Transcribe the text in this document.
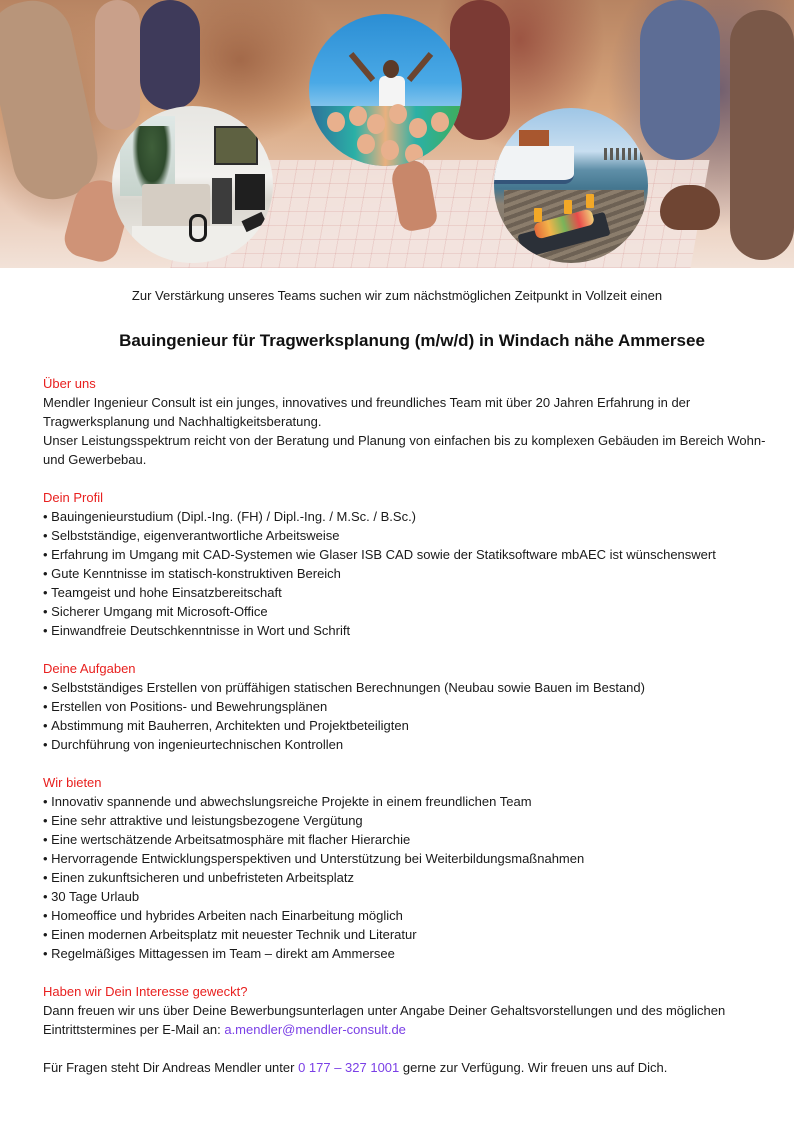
Zur Verstärkung unseres Teams suchen wir zum nächstmöglichen Zeitpunkt in Vollzeit einen
Bauingenieur für Tragwerksplanung (m/w/d) in Windach nähe Ammersee
Über uns
Mendler Ingenieur Consult ist ein junges, innovatives und freundliches Team mit über 20 Jahren Erfahrung in der Tragwerksplanung und Nachhaltigkeitsberatung.
Unser Leistungsspektrum reicht von der Beratung und Planung von einfachen bis zu komplexen Gebäuden im Bereich Wohn- und Gewerbebau.
Dein Profil
• Bauingenieurstudium (Dipl.-Ing. (FH) / Dipl.-Ing. / M.Sc. / B.Sc.)
• Selbstständige, eigenverantwortliche Arbeitsweise
• Erfahrung im Umgang mit CAD-Systemen wie Glaser ISB CAD sowie der Statiksoftware mbAEC ist wünschenswert
• Gute Kenntnisse im statisch-konstruktiven Bereich
• Teamgeist und hohe Einsatzbereitschaft
• Sicherer Umgang mit Microsoft-Office
• Einwandfreie Deutschkenntnisse in Wort und Schrift
Deine Aufgaben
• Selbstständiges Erstellen von prüffähigen statischen Berechnungen (Neubau sowie Bauen im Bestand)
• Erstellen von Positions- und Bewehrungsplänen
• Abstimmung mit Bauherren, Architekten und Projektbeteiligten
• Durchführung von ingenieurtechnischen Kontrollen
Wir bieten
• Innovativ spannende und abwechslungsreiche Projekte in einem freundlichen Team
• Eine sehr attraktive und leistungsbezogene Vergütung
• Eine wertschätzende Arbeitsatmosphäre mit flacher Hierarchie
• Hervorragende Entwicklungsperspektiven und Unterstützung bei Weiterbildungsmaßnahmen
• Einen zukunftsicheren und unbefristeten Arbeitsplatz
• 30 Tage Urlaub
• Homeoffice und hybrides Arbeiten nach Einarbeitung möglich
• Einen modernen Arbeitsplatz mit neuester Technik und Literatur
• Regelmäßiges Mittagessen im Team – direkt am Ammersee
Haben wir Dein Interesse geweckt?
Dann freuen wir uns über Deine Bewerbungsunterlagen unter Angabe Deiner Gehaltsvorstellungen und des möglichen Eintrittstermines per E-Mail an: a.mendler@mendler-consult.de
Für Fragen steht Dir Andreas Mendler unter 0 177 – 327 1001 gerne zur Verfügung. Wir freuen uns auf Dich.
